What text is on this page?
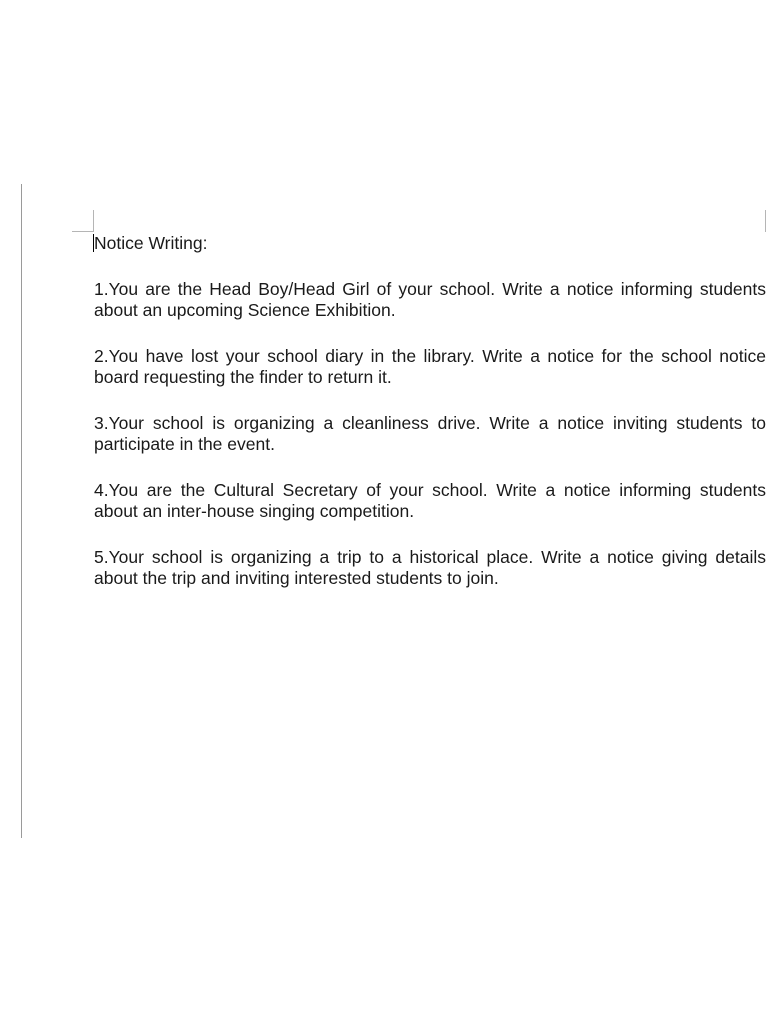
Notice Writing:

1.You are the Head Boy/Head Girl of your school. Write a notice informing students about an upcoming Science Exhibition.

2.You have lost your school diary in the library. Write a notice for the school notice board requesting the finder to return it.

3.Your school is organizing a cleanliness drive. Write a notice inviting students to participate in the event.

4.You are the Cultural Secretary of your school. Write a notice informing students about an inter-house singing competition.

5.Your school is organizing a trip to a historical place. Write a notice giving details about the trip and inviting interested students to join.
